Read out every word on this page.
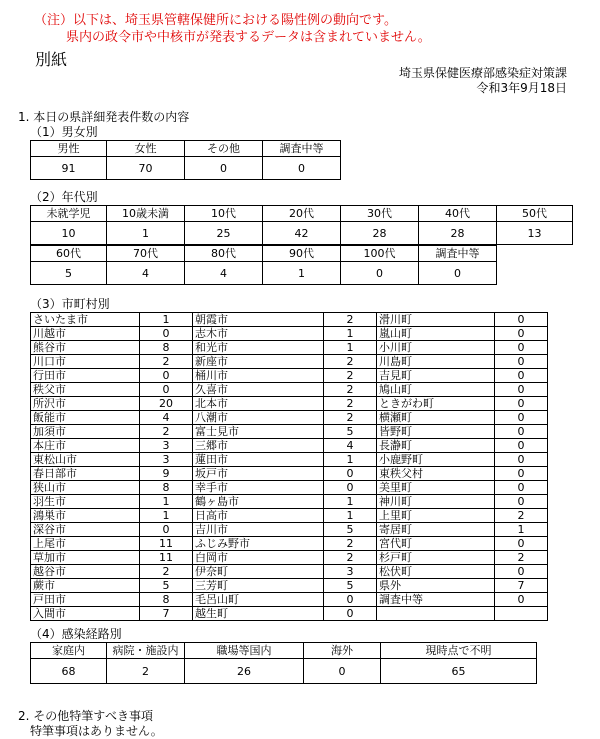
（注）以下は、埼玉県管轄保健所における陽性例の動向です。
県内の政令市や中核市が発表するデータは含まれていません。
別紙
埼玉県保健医療部感染症対策課
令和3年9月18日
1. 本日の県詳細発表件数の内容
（1）男女別
男性	女性	その他	調査中等
91	70	0	0
（2）年代別
未就学児	10歳未満	10代	20代	30代	40代	50代
10	1	25	42	28	28	13
60代	70代	80代	90代	100代	調査中等
5	4	4	1	0	0
（3）市町村別
さいたま市	1	朝霞市	2	滑川町	0
川越市	0	志木市	1	嵐山町	0
熊谷市	8	和光市	1	小川町	0
川口市	2	新座市	2	川島町	0
行田市	0	桶川市	2	吉見町	0
秩父市	0	久喜市	2	鳩山町	0
所沢市	20	北本市	2	ときがわ町	0
飯能市	4	八潮市	2	横瀬町	0
加須市	2	富士見市	5	皆野町	0
本庄市	3	三郷市	4	長瀞町	0
東松山市	3	蓮田市	1	小鹿野町	0
春日部市	9	坂戸市	0	東秩父村	0
狭山市	8	幸手市	0	美里町	0
羽生市	1	鶴ヶ島市	1	神川町	0
鴻巣市	1	日高市	1	上里町	2
深谷市	0	吉川市	5	寄居町	1
上尾市	11	ふじみ野市	2	宮代町	0
草加市	11	白岡市	2	杉戸町	2
越谷市	2	伊奈町	3	松伏町	0
蕨市	5	三芳町	5	県外	7
戸田市	8	毛呂山町	0	調査中等	0
入間市	7	越生町	0		
（4）感染経路別
家庭内	病院・施設内	職場等国内	海外	現時点で不明
68	2	26	0	65
2. その他特筆すべき事項
特筆事項はありません。
